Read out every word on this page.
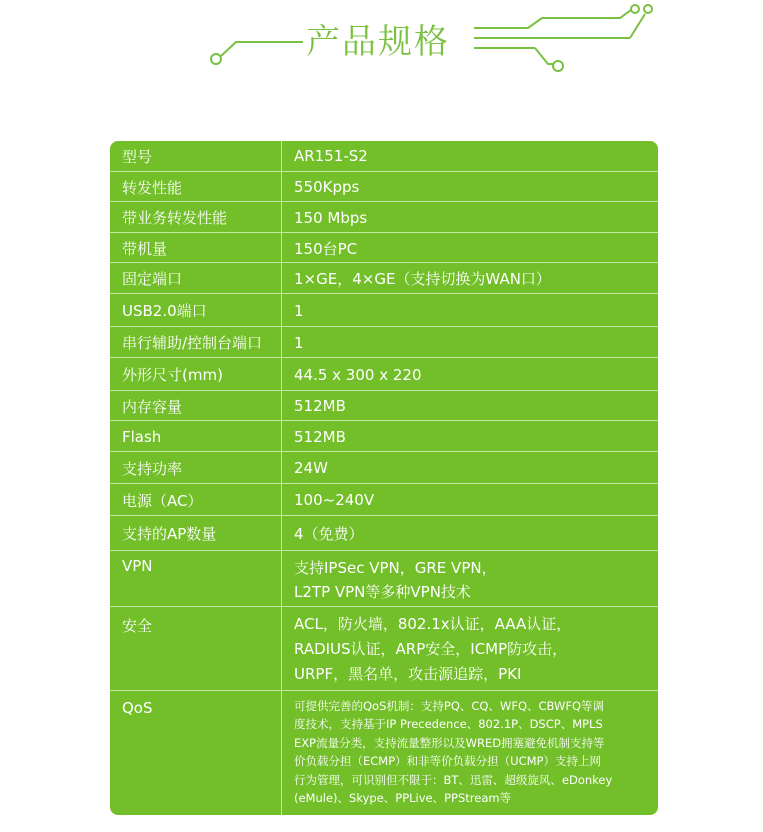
产品规格
型号	AR151-S2
转发性能	550Kpps
带业务转发性能	150 Mbps
带机量	150台PC
固定端口	1×GE，4×GE（支持切换为WAN口）
USB2.0端口	1
串行辅助/控制台端口	1
外形尺寸(mm)	44.5 x 300 x 220
内存容量	512MB
Flash	512MB
支持功率	24W
电源（AC）	100~240V
支持的AP数量	4（免费）
VPN	支持IPSec VPN，GRE VPN，
L2TP VPN等多种VPN技术
安全	ACL，防火墙，802.1x认证，AAA认证，
RADIUS认证，ARP安全，ICMP防攻击，
URPF，黑名单，攻击源追踪，PKI
QoS	可提供完善的QoS机制：支持PQ、CQ、WFQ、CBWFQ等调
度技术，支持基于IP Precedence、802.1P、DSCP、MPLS
EXP流量分类，支持流量整形以及WRED拥塞避免机制支持等
价负载分担（ECMP）和非等价负载分担（UCMP）支持上网
行为管理，可识别但不限于：BT、迅雷、超级旋风、eDonkey
(eMule)、Skype、PPLive、PPStream等
